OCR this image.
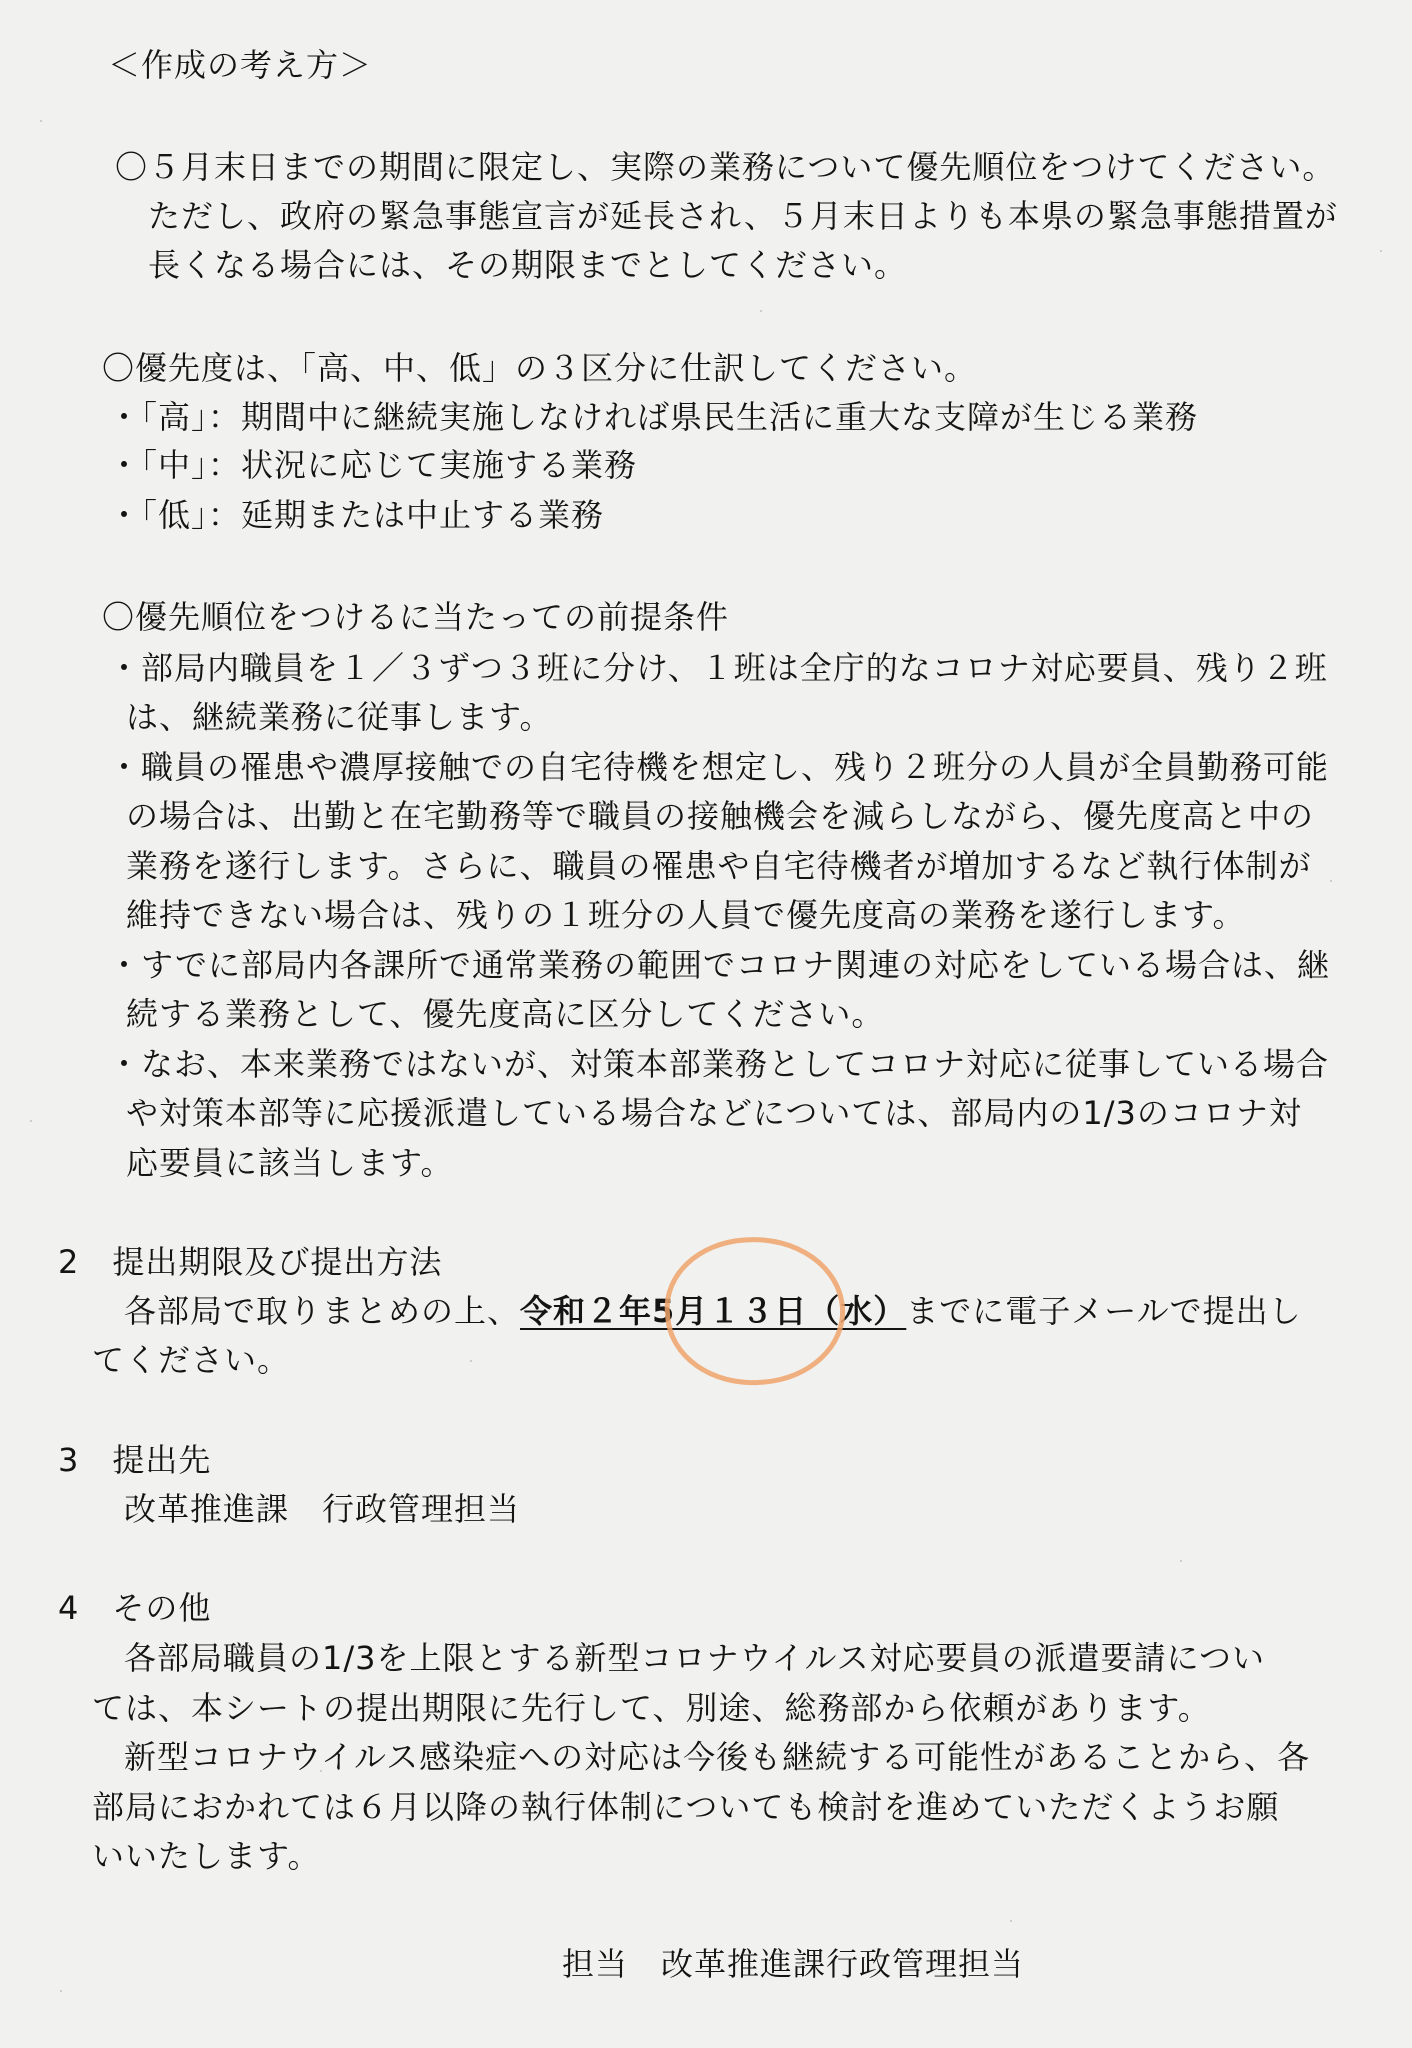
＜作成の考え方＞
〇５月末日までの期間に限定し、実際の業務について優先順位をつけてください。
ただし、政府の緊急事態宣言が延長され、５月末日よりも本県の緊急事態措置が
長くなる場合には、その期限までとしてください。
〇優先度は、「高、中、低」の３区分に仕訳してください。
・「高」：期間中に継続実施しなければ県民生活に重大な支障が生じる業務
・「中」：状況に応じて実施する業務
・「低」：延期または中止する業務
〇優先順位をつけるに当たっての前提条件
・部局内職員を１／３ずつ３班に分け、１班は全庁的なコロナ対応要員、残り２班
は、継続業務に従事します。
・職員の罹患や濃厚接触での自宅待機を想定し、残り２班分の人員が全員勤務可能
の場合は、出勤と在宅勤務等で職員の接触機会を減らしながら、優先度高と中の
業務を遂行します。さらに、職員の罹患や自宅待機者が増加するなど執行体制が
維持できない場合は、残りの１班分の人員で優先度高の業務を遂行します。
・すでに部局内各課所で通常業務の範囲でコロナ関連の対応をしている場合は、継
続する業務として、優先度高に区分してください。
・なお、本来業務ではないが、対策本部業務としてコロナ対応に従事している場合
や対策本部等に応援派遣している場合などについては、部局内の1/3のコロナ対
応要員に該当します。
2　提出期限及び提出方法
各部局で取りまとめの上、令和２年5月１３日（水）までに電子メールで提出し
てください。
3　提出先
改革推進課　行政管理担当
4　その他
各部局職員の1/3を上限とする新型コロナウイルス対応要員の派遣要請につい
ては、本シートの提出期限に先行して、別途、総務部から依頼があります。
新型コロナウイルス感染症への対応は今後も継続する可能性があることから、各
部局におかれては６月以降の執行体制についても検討を進めていただくようお願
いいたします。
担当　改革推進課行政管理担当
